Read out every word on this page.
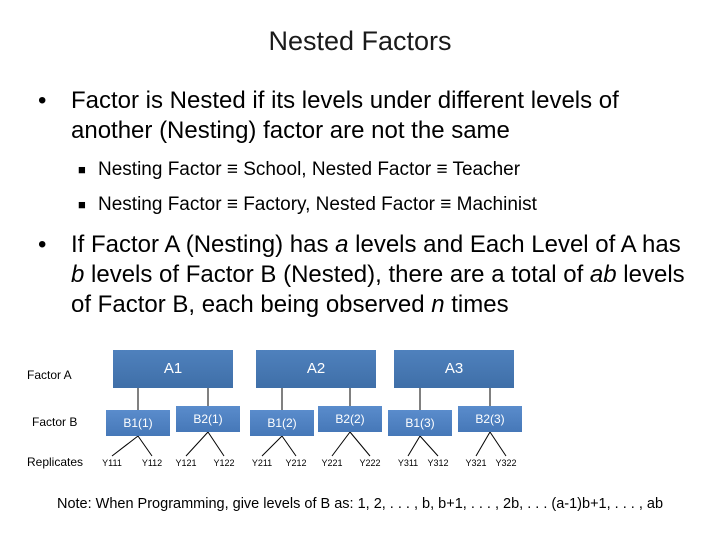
Nested Factors
•	Factor is Nested if its levels under different levels of another (Nesting) factor are not the same
■ Nesting Factor ≡ School, Nested Factor ≡ Teacher
■ Nesting Factor ≡ Factory, Nested Factor ≡ Machinist
•	If Factor A (Nesting) has a levels and Each Level of A has b levels of Factor B (Nested), there are a total of ab levels of Factor B, each being observed n times
Factor A
Factor B
Replicates
A1	A2	A3
B1(1)	B2(1)	B1(2)	B2(2)	B1(3)	B2(3)
Y111	Y112	Y121	Y122	Y211	Y212	Y221	Y222	Y311	Y312	Y321 Y322
Note: When Programming, give levels of B as: 1, 2, . . . , b, b+1, . . . , 2b, . . . (a-1)b+1, . . . , ab
